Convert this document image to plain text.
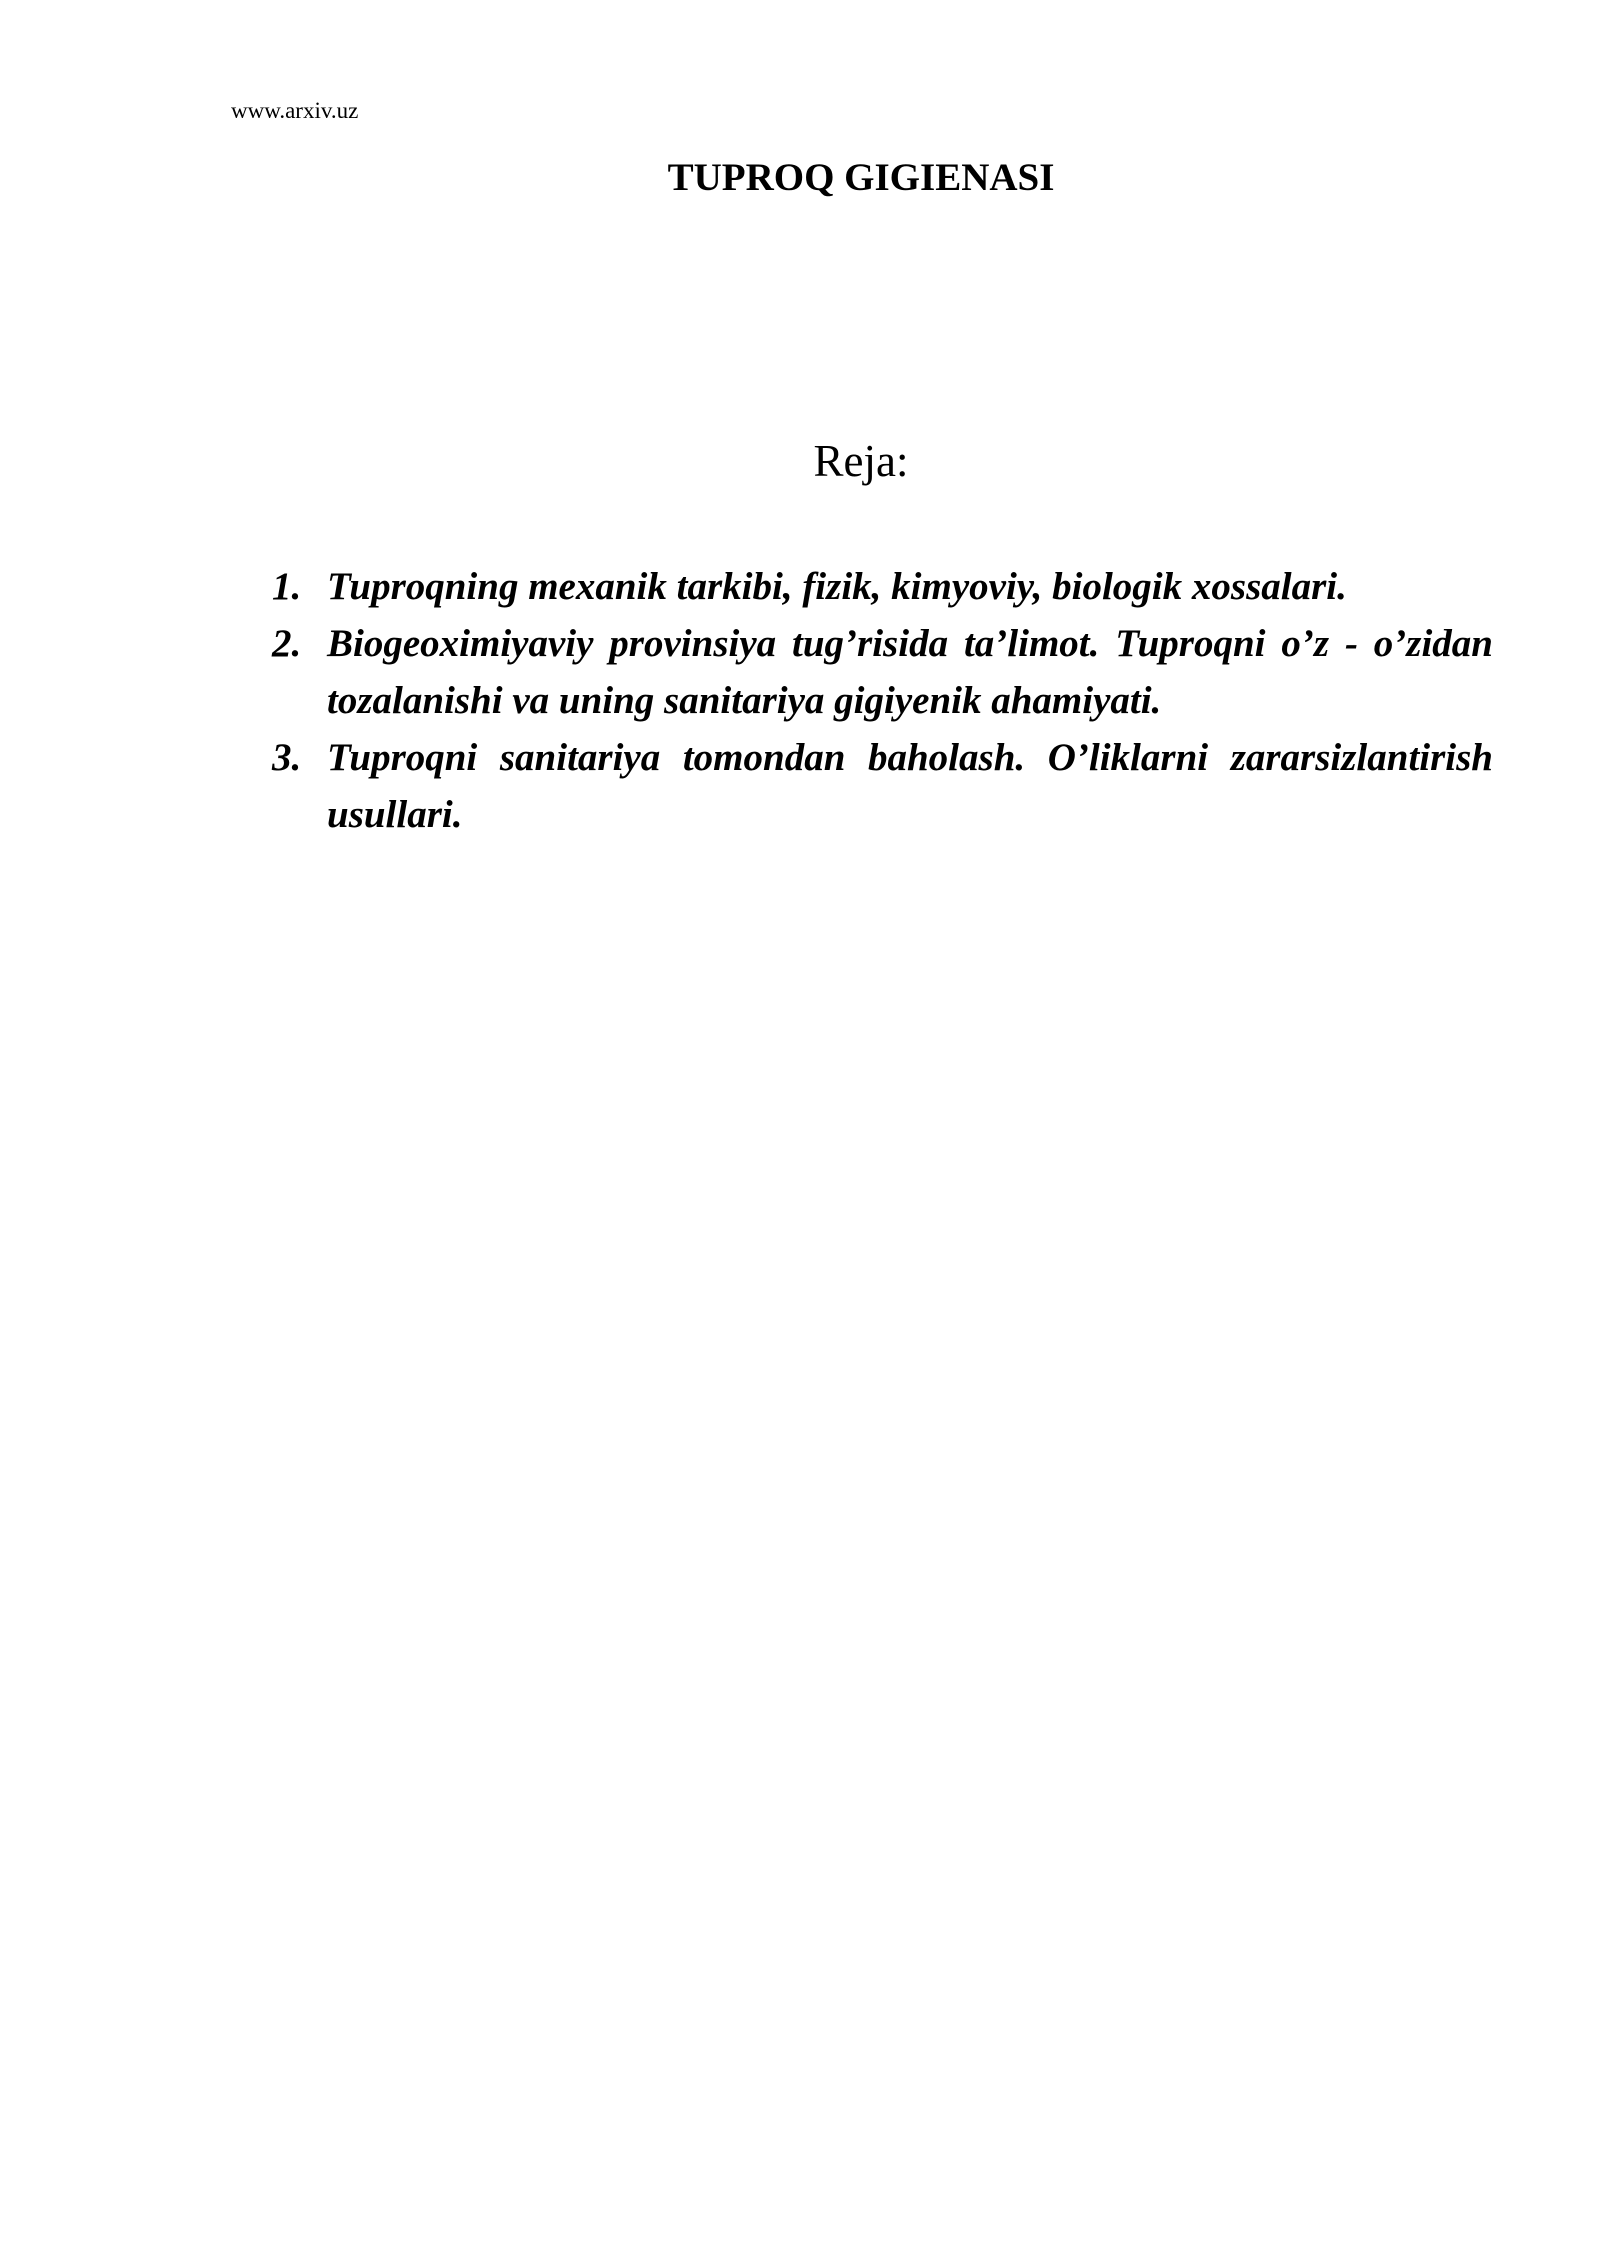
www.arxiv.uz
TUPROQ GIGIENASI
Reja:
1. Tuproqning mexanik tarkibi, fizik, kimyoviy, biologik xossalari.
2. Biogeoximiyaviy provinsiya tug’risida ta’limot. Tuproqni o’z - o’zidan tozalanishi va uning sanitariya gigiyenik ahamiyati.
3. Tuproqni sanitariya tomondan baholash. O’liklarni zararsizlantirish usullari.
